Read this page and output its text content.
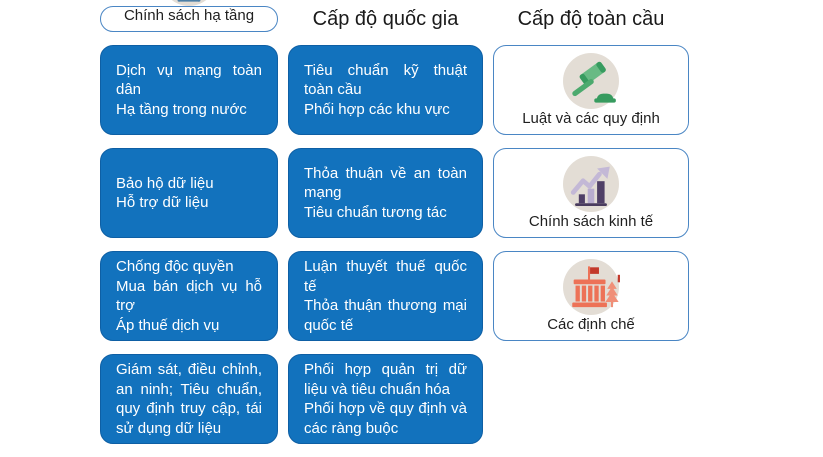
Cấp độ quốc gia	Cấp độ toàn cầu
Chính sách hạ tầng
Dịch vụ mạng toàn dân
Hạ tầng trong nước
Tiêu chuẩn kỹ thuật toàn cầu
Phối hợp các khu vực
Luật và các quy định
Bảo hộ dữ liệu
Hỗ trợ dữ liệu
Thỏa thuận về an toàn mạng
Tiêu chuẩn tương tác
Chính sách kinh tế
Chống độc quyền
Mua bán dịch vụ hỗ trợ
Áp thuế dịch vụ
Luận thuyết thuế quốc tế
Thỏa thuận thương mại quốc tế	Các định chế
Giám sát, điều chỉnh, an ninh; Tiêu chuẩn, quy định truy cập, tái sử dụng dữ liệu
Phối hợp quản trị dữ liệu và tiêu chuẩn hóa
Phối hợp về quy định và các ràng buộc
